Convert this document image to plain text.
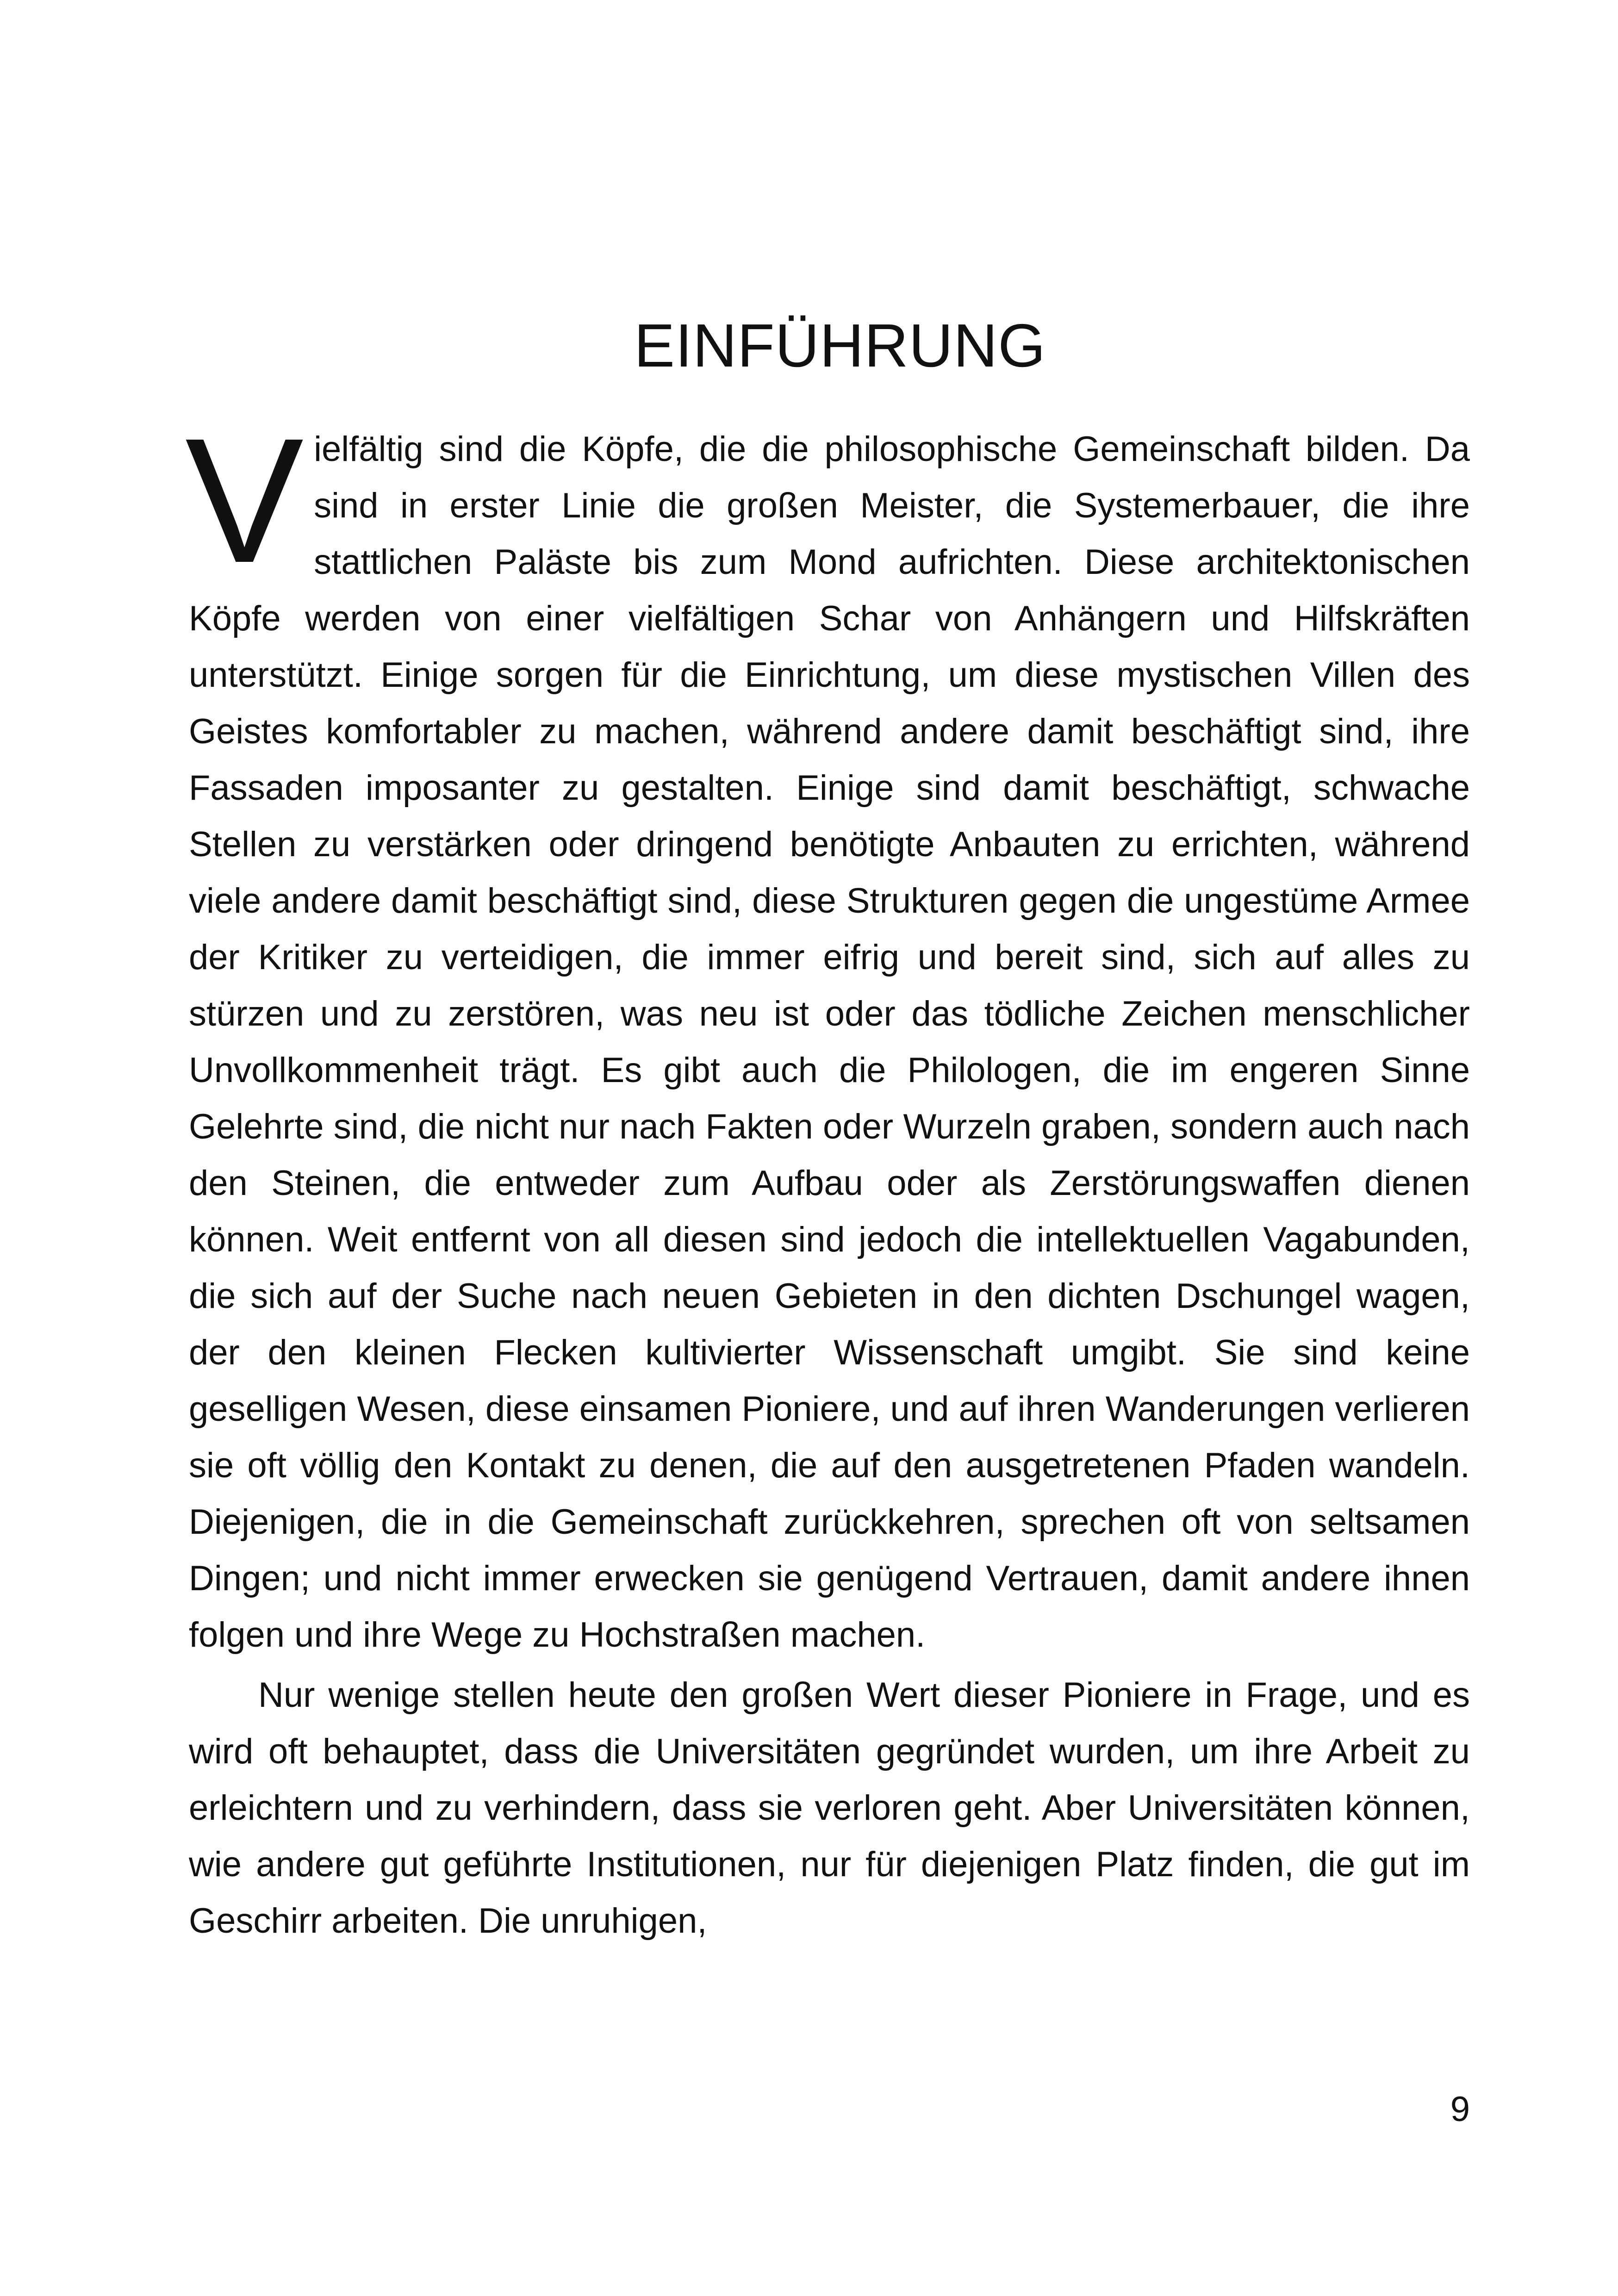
EINFÜHRUNG

Vielfältig sind die Köpfe, die die philosophische Gemeinschaft bilden. Da sind in erster Linie die großen Meister, die Systemerbauer, die ihre stattlichen Paläste bis zum Mond aufrichten. Diese architektonischen Köpfe werden von einer vielfältigen Schar von Anhängern und Hilfskräften unterstützt. Einige sorgen für die Einrichtung, um diese mystischen Villen des Geistes komfortabler zu machen, während andere damit beschäftigt sind, ihre Fassaden imposanter zu gestalten. Einige sind damit beschäftigt, schwache Stellen zu verstärken oder dringend benötigte Anbauten zu errichten, während viele andere damit beschäftigt sind, diese Strukturen gegen die ungestüme Armee der Kritiker zu verteidigen, die immer eifrig und bereit sind, sich auf alles zu stürzen und zu zerstören, was neu ist oder das tödliche Zeichen menschlicher Unvollkommenheit trägt. Es gibt auch die Philologen, die im engeren Sinne Gelehrte sind, die nicht nur nach Fakten oder Wurzeln graben, sondern auch nach den Steinen, die entweder zum Aufbau oder als Zerstörungswaffen dienen können. Weit entfernt von all diesen sind jedoch die intellektuellen Vagabunden, die sich auf der Suche nach neuen Gebieten in den dichten Dschungel wagen, der den kleinen Flecken kultivierter Wissenschaft umgibt. Sie sind keine geselligen Wesen, diese einsamen Pioniere, und auf ihren Wanderungen verlieren sie oft völlig den Kontakt zu denen, die auf den ausgetretenen Pfaden wandeln. Diejenigen, die in die Gemeinschaft zurückkehren, sprechen oft von seltsamen Dingen; und nicht immer erwecken sie genügend Vertrauen, damit andere ihnen folgen und ihre Wege zu Hochstraßen machen.

Nur wenige stellen heute den großen Wert dieser Pioniere in Frage, und es wird oft behauptet, dass die Universitäten gegründet wurden, um ihre Arbeit zu erleichtern und zu verhindern, dass sie verloren geht. Aber Universitäten können, wie andere gut geführte Institutionen, nur für diejenigen Platz finden, die gut im Geschirr arbeiten. Die unruhigen,

9
